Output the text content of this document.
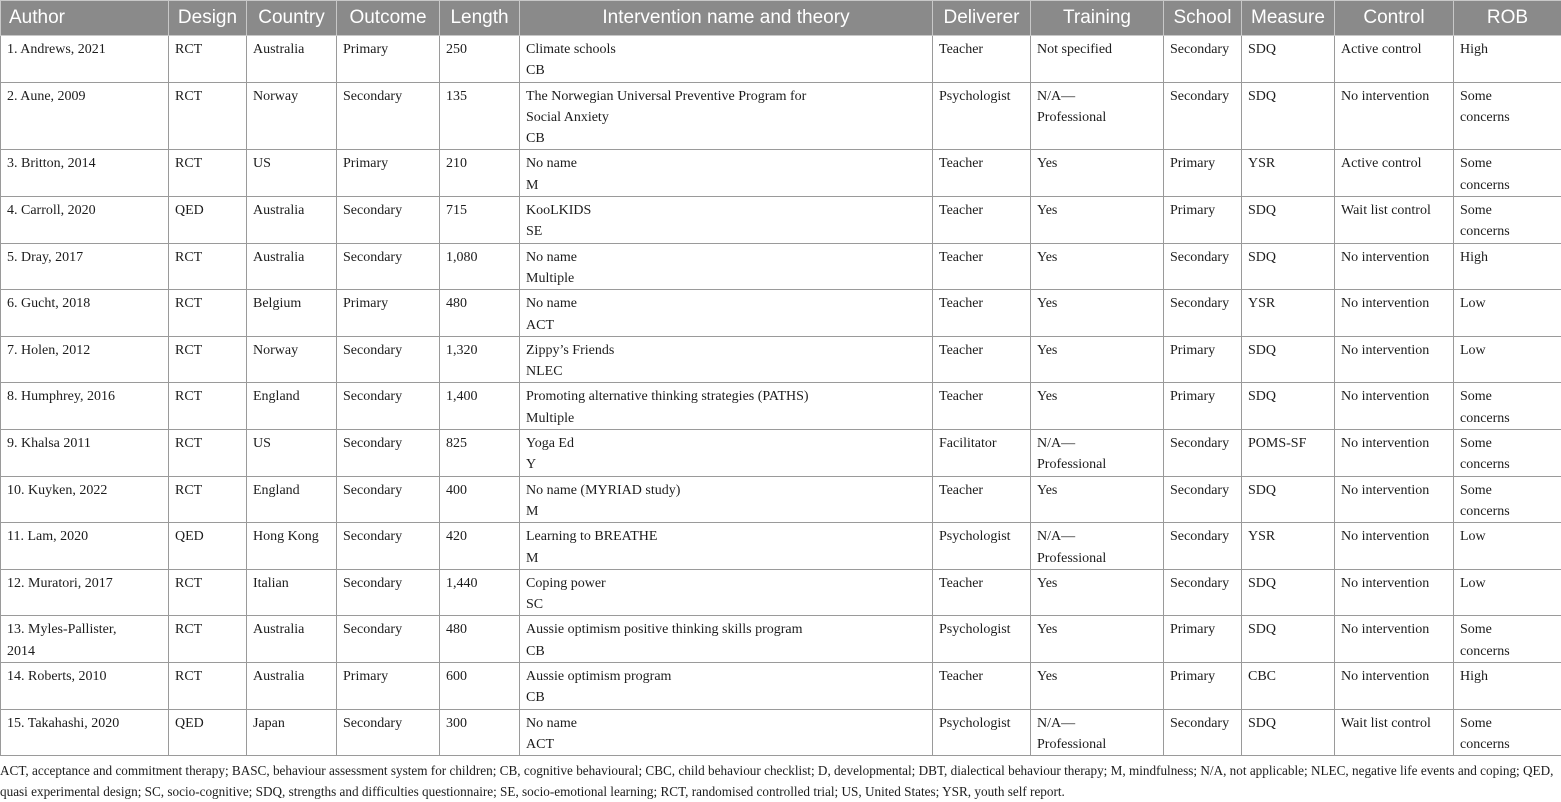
Author	Design	Country	Outcome	Length	Intervention name and theory	Deliverer	Training	School	Measure	Control	ROB
1. Andrews, 2021	RCT	Australia	Primary	250	Climate schools
CB	Teacher	Not specified	Secondary	SDQ	Active control	High
2. Aune, 2009	RCT	Norway	Secondary	135	The Norwegian Universal Preventive Program for
Social Anxiety
CB	Psychologist	N/A—
Professional	Secondary	SDQ	No intervention	Some
concerns
3. Britton, 2014	RCT	US	Primary	210	No name
M	Teacher	Yes	Primary	YSR	Active control	Some
concerns
4. Carroll, 2020	QED	Australia	Secondary	715	KooLKIDS
SE	Teacher	Yes	Primary	SDQ	Wait list control	Some
concerns
5. Dray, 2017	RCT	Australia	Secondary	1,080	No name
Multiple	Teacher	Yes	Secondary	SDQ	No intervention	High
6. Gucht, 2018	RCT	Belgium	Primary	480	No name
ACT	Teacher	Yes	Secondary	YSR	No intervention	Low
7. Holen, 2012	RCT	Norway	Secondary	1,320	Zippy’s Friends
NLEC	Teacher	Yes	Primary	SDQ	No intervention	Low
8. Humphrey, 2016	RCT	England	Secondary	1,400	Promoting alternative thinking strategies (PATHS)
Multiple	Teacher	Yes	Primary	SDQ	No intervention	Some
concerns
9. Khalsa 2011	RCT	US	Secondary	825	Yoga Ed
Y	Facilitator	N/A—
Professional	Secondary	POMS-SF	No intervention	Some
concerns
10. Kuyken, 2022	RCT	England	Secondary	400	No name (MYRIAD study)
M	Teacher	Yes	Secondary	SDQ	No intervention	Some
concerns
11. Lam, 2020	QED	Hong Kong	Secondary	420	Learning to BREATHE
M	Psychologist	N/A—
Professional	Secondary	YSR	No intervention	Low
12. Muratori, 2017	RCT	Italian	Secondary	1,440	Coping power
SC	Teacher	Yes	Secondary	SDQ	No intervention	Low
13. Myles-Pallister,
2014	RCT	Australia	Secondary	480	Aussie optimism positive thinking skills program
CB	Psychologist	Yes	Primary	SDQ	No intervention	Some
concerns
14. Roberts, 2010	RCT	Australia	Primary	600	Aussie optimism program
CB	Teacher	Yes	Primary	CBC	No intervention	High
15. Takahashi, 2020	QED	Japan	Secondary	300	No name
ACT	Psychologist	N/A—
Professional	Secondary	SDQ	Wait list control	Some
concerns
ACT, acceptance and commitment therapy; BASC, behaviour assessment system for children; CB, cognitive behavioural; CBC, child behaviour checklist; D, developmental; DBT, dialectical behaviour therapy; M, mindfulness; N/A, not applicable; NLEC, negative life events and coping; QED, quasi experimental design; SC, socio-cognitive; SDQ, strengths and difficulties questionnaire; SE, socio-emotional learning; RCT, randomised controlled trial; US, United States; YSR, youth self report.
